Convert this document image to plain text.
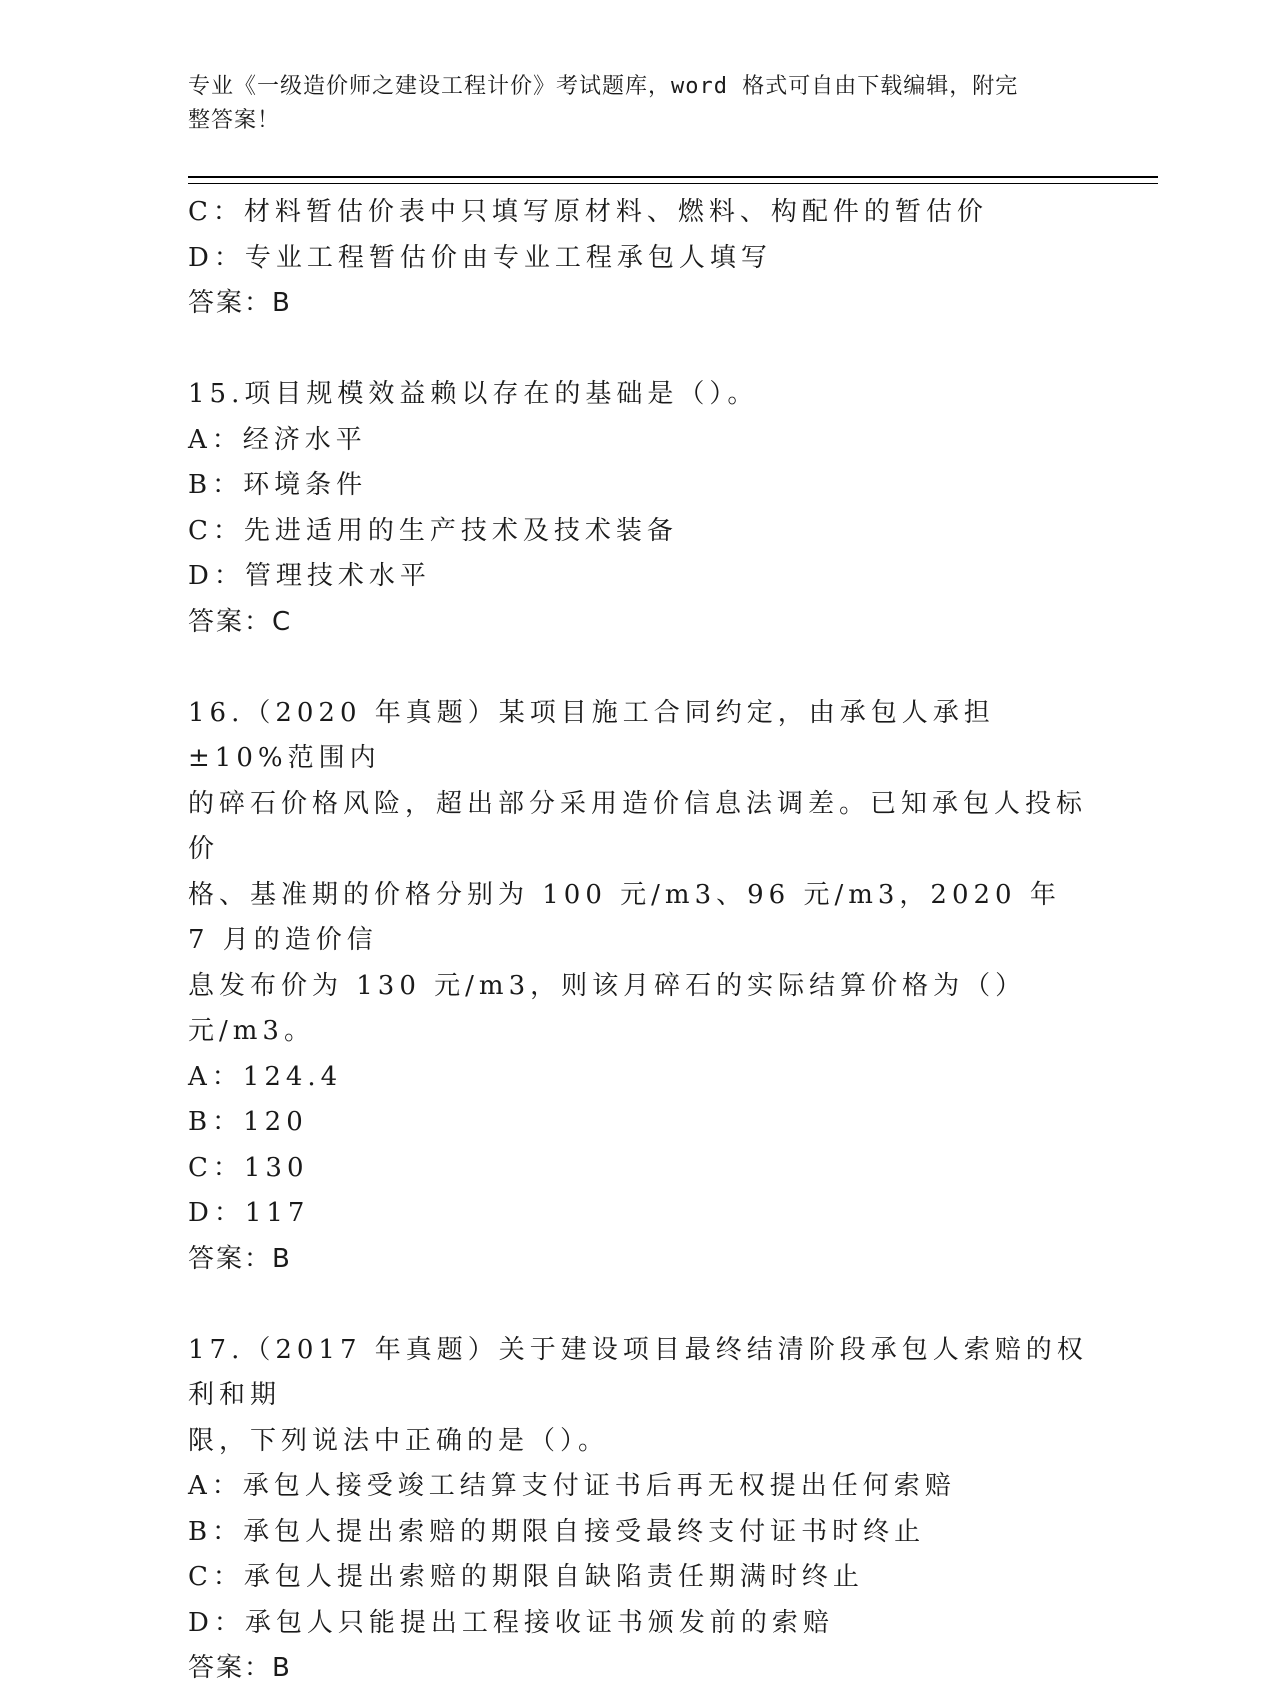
专业《一级造价师之建设工程计价》考试题库，word 格式可自由下载编辑，附完
整答案！
C：材料暂估价表中只填写原材料、燃料、构配件的暂估价
D：专业工程暂估价由专业工程承包人填写
答案：B
15.项目规模效益赖以存在的基础是（）。
A：经济水平
B：环境条件
C：先进适用的生产技术及技术装备
D：管理技术水平
答案：C
16.（2020 年真题）某项目施工合同约定，由承包人承担±10%范围内
的碎石价格风险，超出部分采用造价信息法调差。已知承包人投标价
格、基准期的价格分别为 100 元/m3、96 元/m3，2020 年 7 月的造价信
息发布价为 130 元/m3，则该月碎石的实际结算价格为（）元/m3。
A：124.4
B：120
C：130
D：117
答案：B
17.（2017 年真题）关于建设项目最终结清阶段承包人索赔的权利和期
限，下列说法中正确的是（）。
A：承包人接受竣工结算支付证书后再无权提出任何索赔
B：承包人提出索赔的期限自接受最终支付证书时终止
C：承包人提出索赔的期限自缺陷责任期满时终止
D：承包人只能提出工程接收证书颁发前的索赔
答案：B
